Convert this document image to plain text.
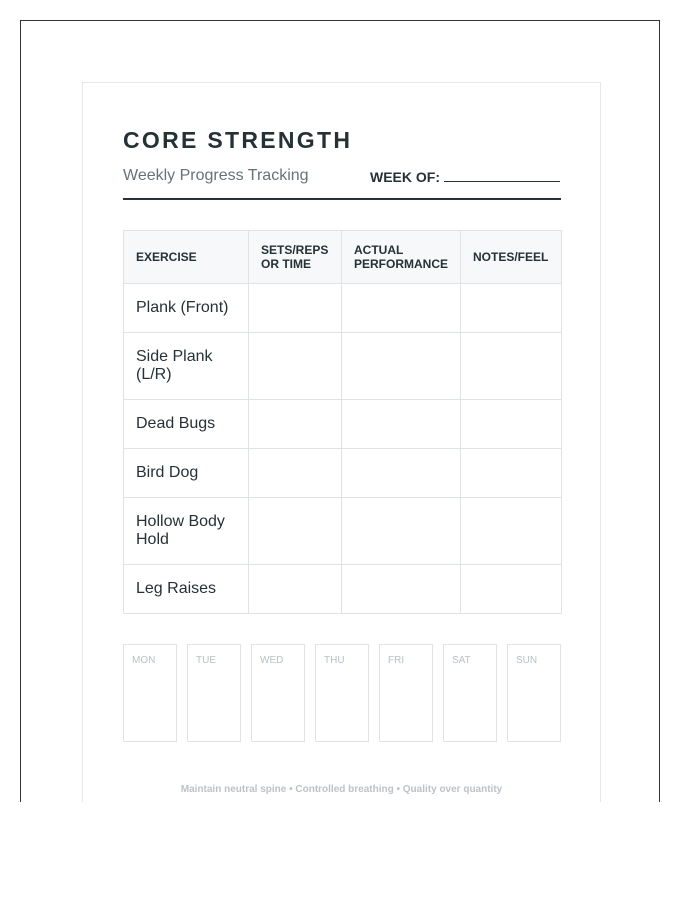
CORE STRENGTH
Weekly Progress Tracking	WEEK OF:
EXERCISE	SETS/REPS OR TIME	ACTUAL PERFORMANCE	NOTES/FEEL
Plank (Front)			
Side Plank (L/R)			
Dead Bugs			
Bird Dog			
Hollow Body Hold			
Leg Raises			
MON	TUE	WED	THU	FRI	SAT	SUN
Maintain neutral spine • Controlled breathing • Quality over quantity
